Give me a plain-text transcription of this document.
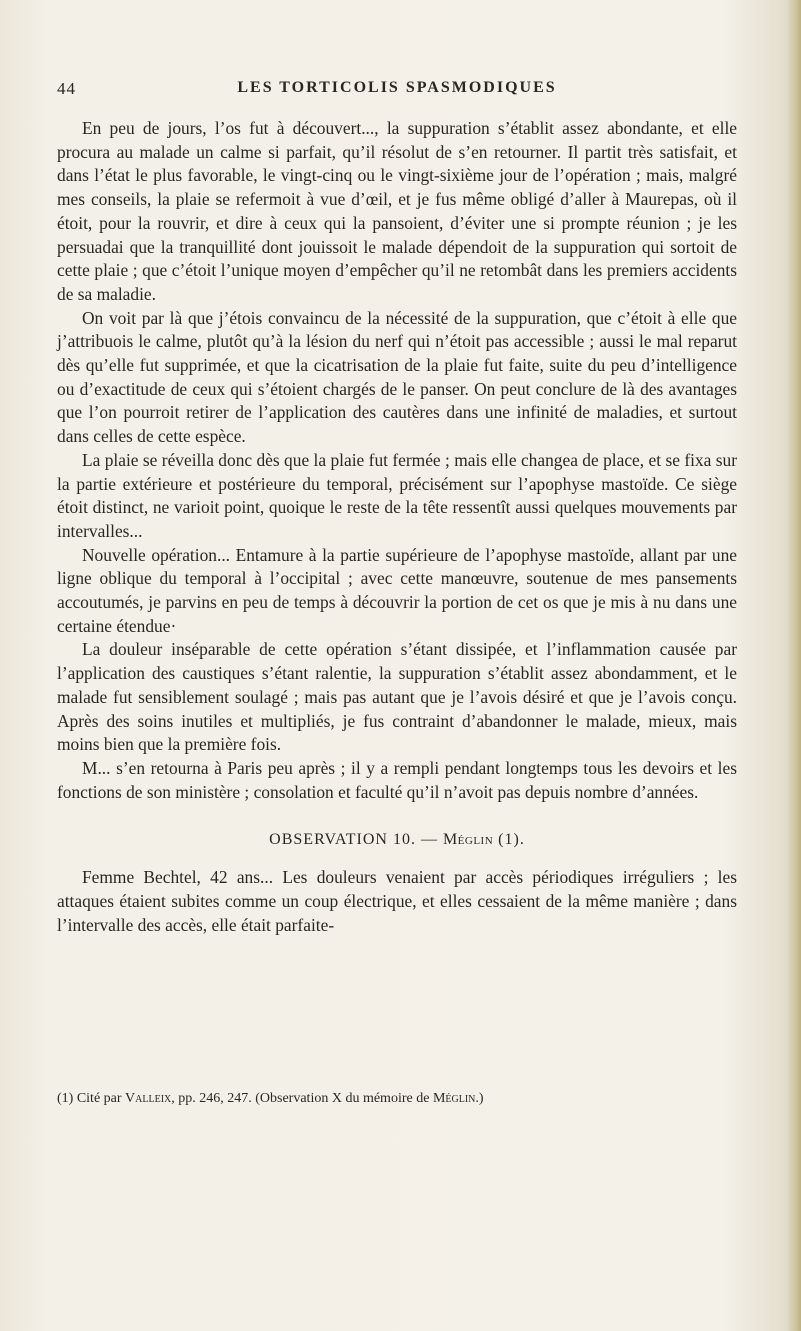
44	LES TORTICOLIS SPASMODIQUES

En peu de jours, l’os fut à découvert..., la suppuration s’établit assez abondante, et elle procura au malade un calme si parfait, qu’il résolut de s’en retourner. Il partit très satisfait, et dans l’état le plus favorable, le vingt-cinq ou le vingt-sixième jour de l’opération ; mais, malgré mes conseils, la plaie se refermoit à vue d’œil, et je fus même obligé d’aller à Maurepas, où il étoit, pour la rouvrir, et dire à ceux qui la pansoient, d’éviter une si prompte réunion ; je les persuadai que la tranquillité dont jouissoit le malade dépendoit de la suppuration qui sortoit de cette plaie ; que c’étoit l’unique moyen d’empêcher qu’il ne retombât dans les premiers accidents de sa maladie.

On voit par là que j’étois convaincu de la nécessité de la suppuration, que c’étoit à elle que j’attribuois le calme, plutôt qu’à la lésion du nerf qui n’étoit pas accessible ; aussi le mal reparut dès qu’elle fut supprimée, et que la cicatrisation de la plaie fut faite, suite du peu d’intelligence ou d’exactitude de ceux qui s’étoient chargés de le panser. On peut conclure de là des avantages que l’on pourroit retirer de l’application des cautères dans une infinité de maladies, et surtout dans celles de cette espèce.

La plaie se réveilla donc dès que la plaie fut fermée ; mais elle changea de place, et se fixa sur la partie extérieure et postérieure du temporal, précisément sur l’apophyse mastoïde. Ce siège étoit distinct, ne varioit point, quoique le reste de la tête ressentît aussi quelques mouvements par intervalles...

Nouvelle opération... Entamure à la partie supérieure de l’apophyse mastoïde, allant par une ligne oblique du temporal à l’occipital ; avec cette manœuvre, soutenue de mes pansements accoutumés, je parvins en peu de temps à découvrir la portion de cet os que je mis à nu dans une certaine étendue·

La douleur inséparable de cette opération s’étant dissipée, et l’inflammation causée par l’application des caustiques s’étant ralentie, la suppuration s’établit assez abondamment, et le malade fut sensiblement soulagé ; mais pas autant que je l’avois désiré et que je l’avois conçu. Après des soins inutiles et multipliés, je fus contraint d’abandonner le malade, mieux, mais moins bien que la première fois.

M... s’en retourna à Paris peu après ; il y a rempli pendant longtemps tous les devoirs et les fonctions de son ministère ; consolation et faculté qu’il n’avoit pas depuis nombre d’années.

OBSERVATION 10. — Méglin (1).

Femme Bechtel, 42 ans... Les douleurs venaient par accès périodiques irréguliers ; les attaques étaient subites comme un coup électrique, et elles cessaient de la même manière ; dans l’intervalle des accès, elle était parfaite-

(1) Cité par Valleix, pp. 246, 247. (Observation X du mémoire de Méglin.)
